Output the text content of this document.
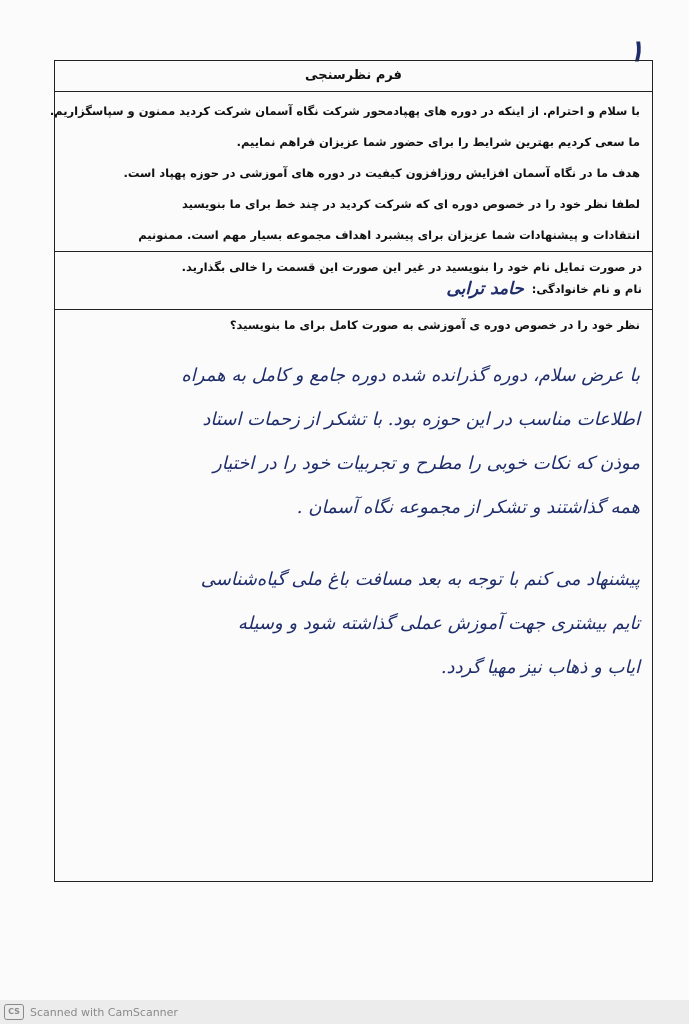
۱
فرم نظرسنجی

با سلام و احترام. از اینکه در دوره های پهپادمحور شرکت نگاه آسمان شرکت کردید ممنون و سپاسگزاریم.

ما سعی کردیم بهترین شرایط را برای حضور شما عزیزان فراهم نماییم.

هدف ما در نگاه آسمان افزایش روزافزون کیفیت در دوره های آموزشی در حوزه پهپاد است.

لطفا نظر خود را در خصوص دوره ای که شرکت کردید در چند خط برای ما بنویسید

انتقادات و پیشنهادات شما عزیزان برای پیشبرد اهداف مجموعه بسیار مهم است. ممنونیم

در صورت تمایل نام خود را بنویسید در غیر این صورت این قسمت را خالی بگذارید.

نام و نام خانوادگی:
حامد ترابی

نظر خود را در خصوص دوره ی آموزشی به صورت کامل برای ما بنویسید؟

با عرض سلام، دوره گذرانده شده دوره جامع و کامل به همراه
اطلاعات مناسب در این حوزه بود. با تشکر از زحمات استاد
موذن که نکات خوبی را مطرح و تجربیات خود را در اختیار
همه گذاشتند و تشکر از مجموعه نگاه آسمان .
پیشنهاد می کنم با توجه به بعد مسافت باغ ملی گیاه‌شناسی
تایم بیشتری جهت آموزش عملی گذاشته شود و وسیله
ایاب و ذهاب نیز مهیا گردد.
CS Scanned with CamScanner
